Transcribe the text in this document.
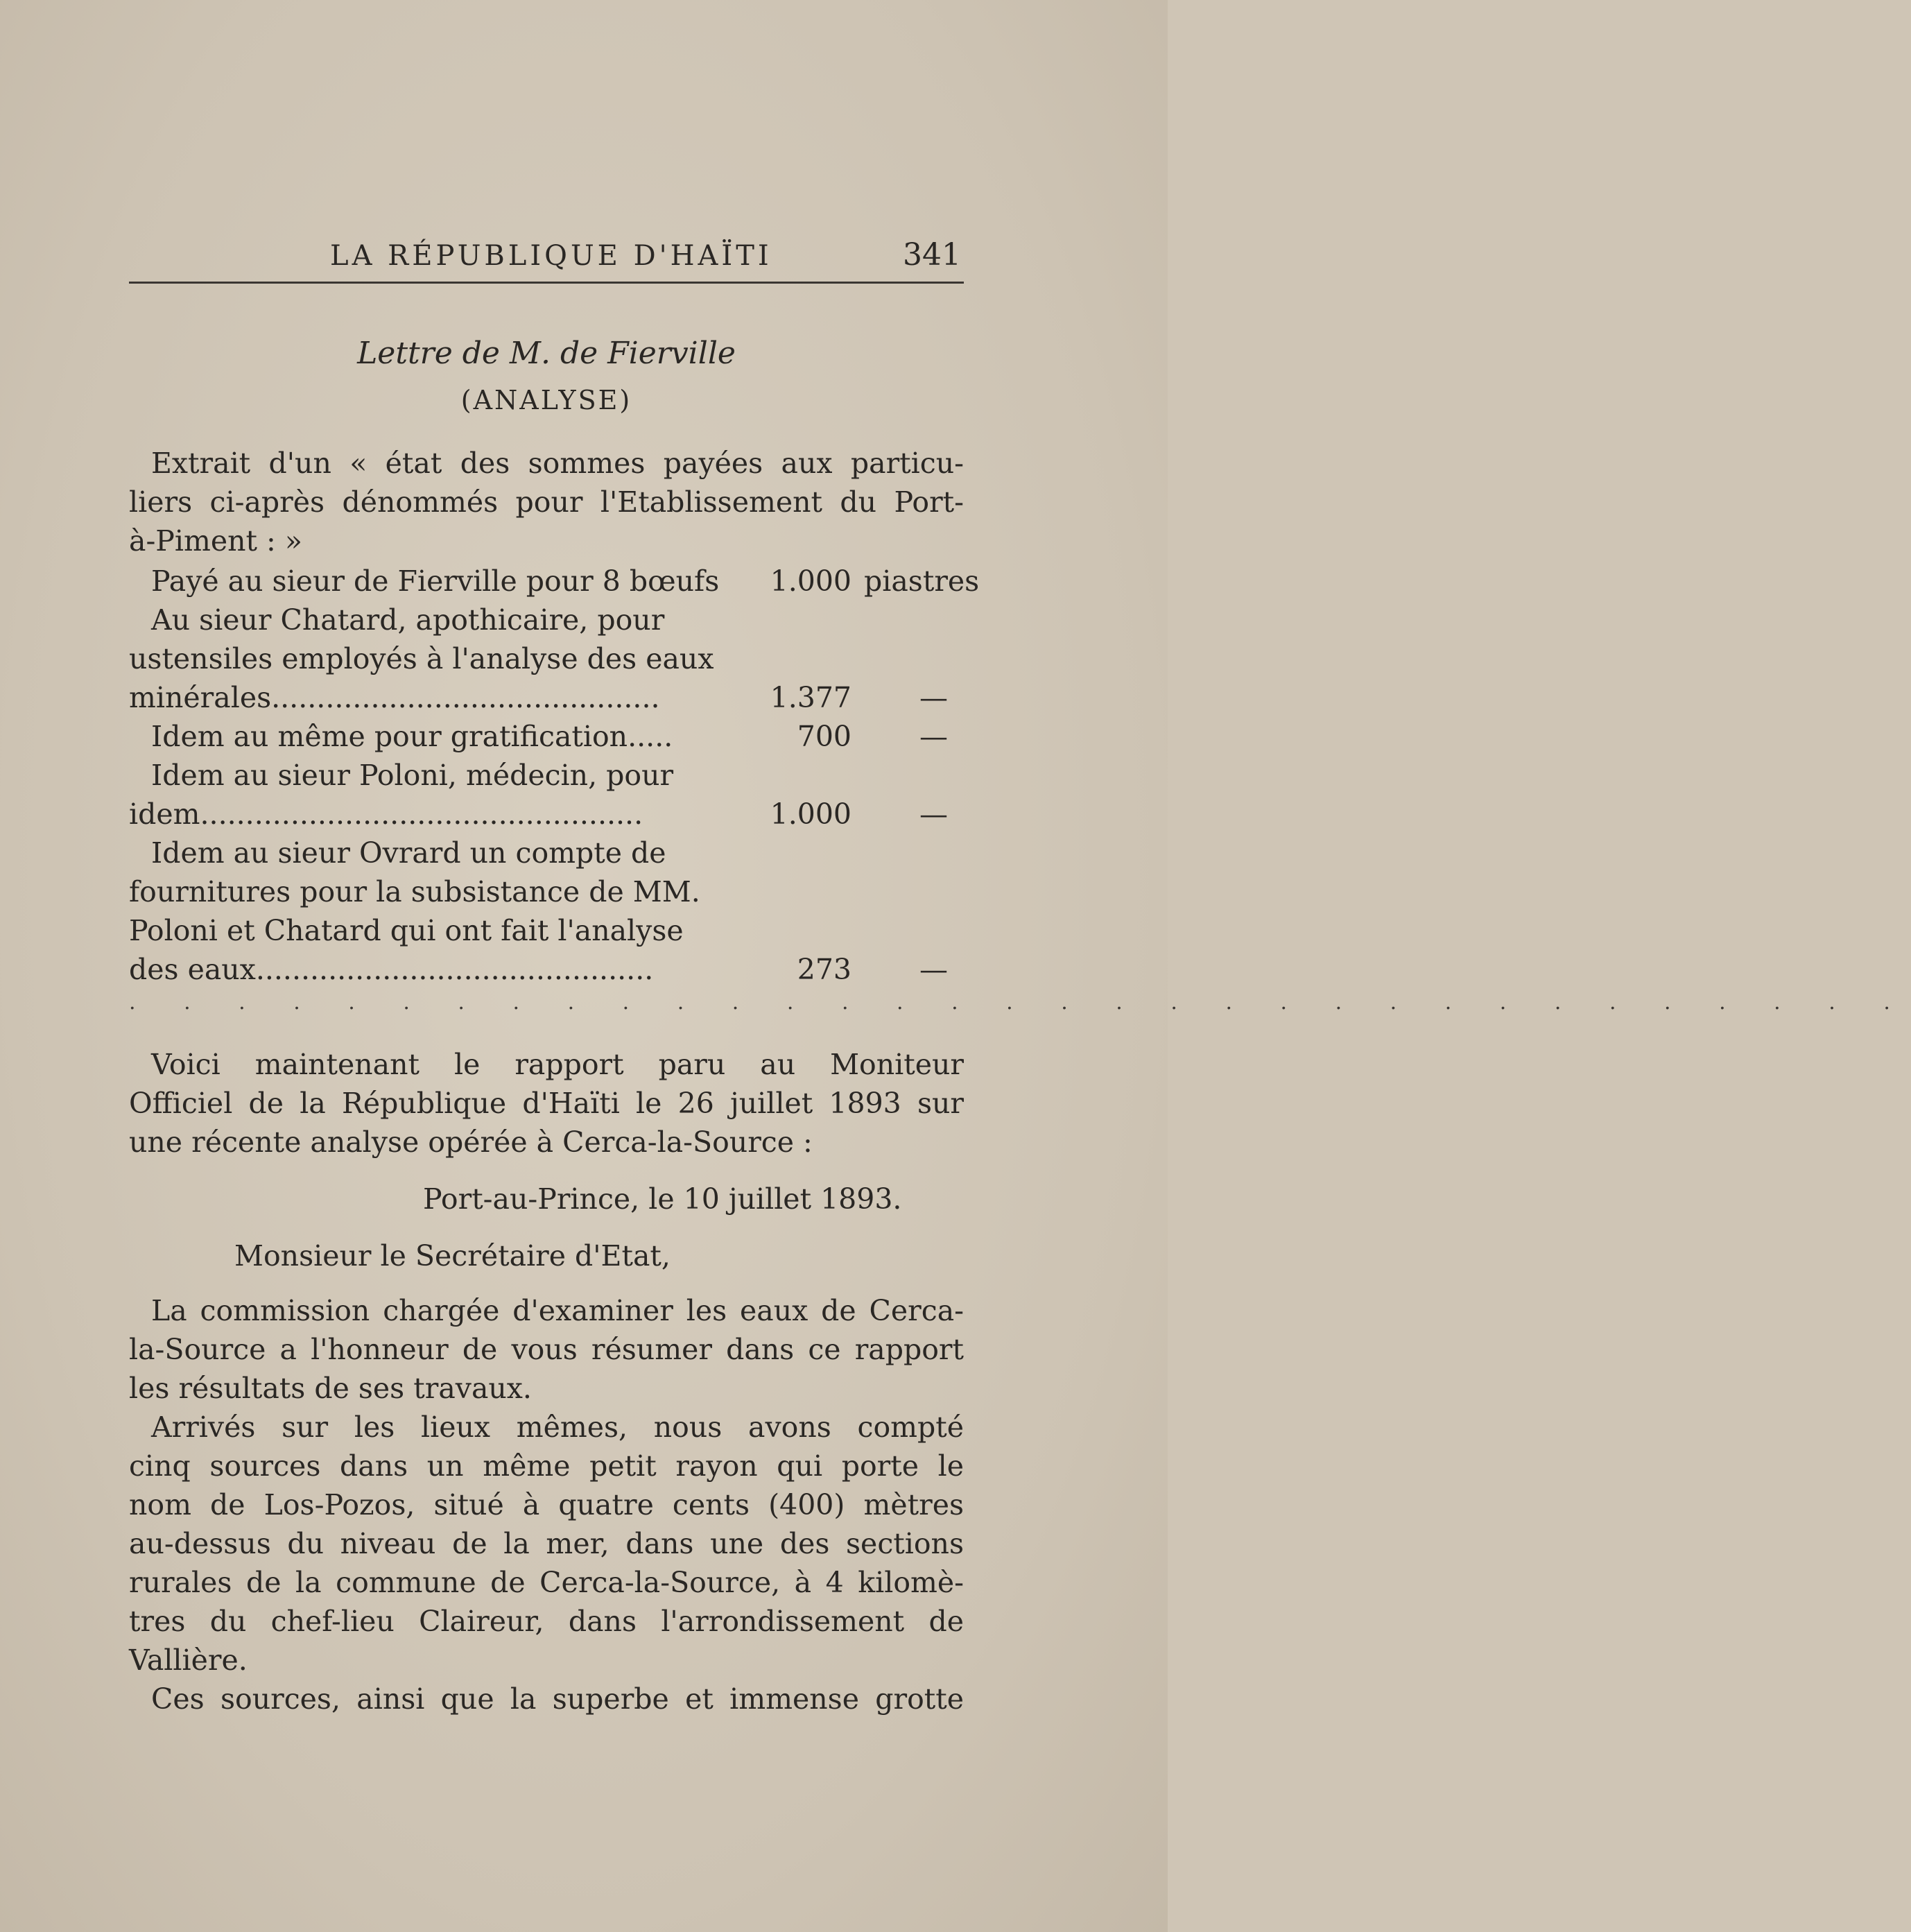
LA RÉPUBLIQUE D'HAÏTI	341
Lettre de M. de Fierville
(ANALYSE)
Extrait d'un « état des sommes payées aux particu-
liers ci-après dénommés pour l'Etablissement du Port-
à-Piment : »
Payé au sieur de Fierville pour 8 bœufs	1.000 piastres
Au sieur Chatard, apothicaire, pour
ustensiles employés à l'analyse des eaux
minérales...........................................	1.377 —
Idem au même pour gratification.....	700 —
Idem au sieur Poloni, médecin, pour
idem.................................................	1.000 —
Idem au sieur Ovrard un compte de
fournitures pour la subsistance de MM.
Poloni et Chatard qui ont fait l'analyse
des eaux............................................	273 —
. . . . . . . . . . . . . . . . . . . . . . . . . . . . . . . . .
Voici maintenant le rapport paru au Moniteur
Officiel de la République d'Haïti le 26 juillet 1893 sur
une récente analyse opérée à Cerca-la-Source :
Port-au-Prince, le 10 juillet 1893.
Monsieur le Secrétaire d'Etat,
La commission chargée d'examiner les eaux de Cerca-
la-Source a l'honneur de vous résumer dans ce rapport
les résultats de ses travaux.
Arrivés sur les lieux mêmes, nous avons compté
cinq sources dans un même petit rayon qui porte le
nom de Los-Pozos, situé à quatre cents (400) mètres
au-dessus du niveau de la mer, dans une des sections
rurales de la commune de Cerca-la-Source, à 4 kilomè-
tres du chef-lieu Claireur, dans l'arrondissement de
Vallière.
Ces sources, ainsi que la superbe et immense grotte
